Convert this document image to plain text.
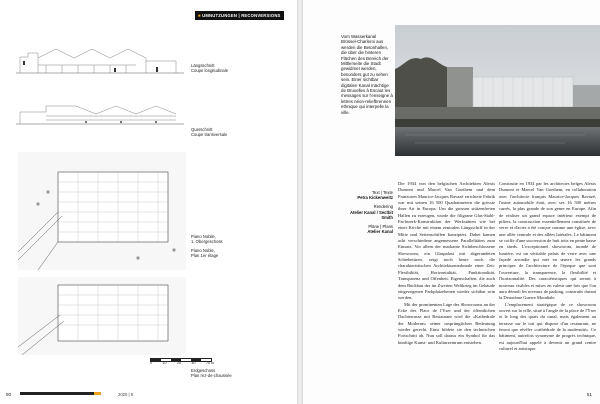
■ UMNUTZUNGEN | RECONVERSIONS
Längsschnitt
Coupe longitudinale
Querschnitt
Coupe transversale
Piano Nobile,
1. Obergeschoss
Piano Noble,
Plan 1er étage
0	10	20	40	75 m
Erdgeschoss
Plan rez-de-chaussée
50	2020 | 5
Vom Wasserkanal Brüssel-Charleroi aus werden die Betonhallen, die über die hinteren Flächen des Bereich der Mittlerseite die Stadt gewidmet werden, besonders gut zu sehen sein. Einer sichtbar digitalen Kanal mächtige de Bruxelles à Escaut les messages sur l'enseigne à lettres néon-reliefbrennen ethnique qui interpelle la ville.

Text | Texte
Petra Kickenweitz

Rendering
Atelier Kanal / Sectbit Smith

Pläne | Plans
Atelier Kanal

Die 1934 von den belgischen Architekten Alexis Dumont und Marcel Van Goethem und dem Franzosen Maurice-Jacques Ravazé errichtete Fabrik war mit seinen 16 500 Quadratmetern die grösste ihrer Art in Europa. Um die grossen stützenfreien Hallen zu erzeugen, wurde die filigrane Glas-Stahl-Fachwerk-Konstruktion der Werkstätten wie bei einer Kirche mit einem zentralen Längsschiff in der Mitte und Seitenschiffen konzipiert. Dabei kamen acht verschiedene angemessene Parallelitäten zum Einsatz. Vor allem der markante Sichtbeschlossene Showroom, ein Glaspalast mit abgerundeten Schiebetüren, zeigt noch heute noch die charakteristischen Architekturmerkmale einer Zeit: Flexibilität, Horizontalität, Funktionalität, Transparenz und Offenheit. Eigenschaften, die auch dem Rückbau der im Zweiten Weltkrieg im Gebäude eingezogenen Parkplatzebenen wieder sichtbar sein werden.

Mit der prominenten Lage des Showrooms an der Ecke des Place de l'Yser und der öffentlichen Dachterrasse mit Restaurant wird die «Kathedrale der Moderne» seiner ursprünglichen Bedeutung wieder gerecht. Einst bildete sie den technischen Fortschritt ab. Nun soll daraus ein Symbol für das künftige Kunst- und Kulturzentrum entstehen.

Construite en 1934 par les architectes belges Alexis Dumont et Marcel Van Goethem, en collaboration avec l'architecte français Maurice-Jacques Ravazé, l'usine automobile était, avec ses 16 500 mètres carrés, la plus grande de son genre en Europe. Afin de réaliser un grand espace intérieur exempt de piliers, la construction essentiellement constituée de verre et d'acier a été conçue comme une église, avec une allée centrale et des allées latérales. Le bâtiment se coiffe d'une succession de huit toits en pente basse en sheds. L'exceptionnel showroom, inondé de lumière, est un véritable palais de verre avec une façade arrondie qui met en œuvre les grands principes de l'architecture de l'époque que sont l'ouverture, la transparence, la flexibilité et l'horizontalité. Des caractéristiques qui seront à nouveau visibles et mises en valeur une fois que l'on aura démoli les niveaux de parking, construits durant la Deuxième Guerre Mondiale.

L'emplacement stratégique de ce showroom ouvert sur la ville, situé à l'angle de la place de l'Yser et le long des quais du canal, mais également au terrasse sur le toit qui dispose d'un restaurant, ne feront que révéler «cathédrale de la modernité». Ce bâtiment, autrefois synonyme de progrès technique, est aujourd'hui appelé à devenir un grand centre culturel et artistique.

51
